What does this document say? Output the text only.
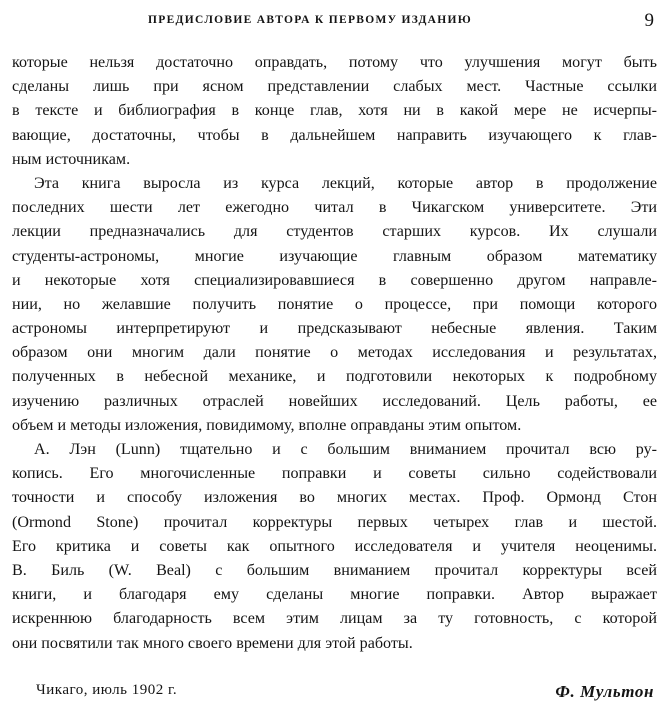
ПРЕДИСЛОВИЕ АВТОРА К ПЕРВОМУ ИЗДАНИЮ	9
которые нельзя достаточно оправдать, потому что улучшения могут быть
сделаны лишь при ясном представлении слабых мест. Частные ссылки
в тексте и библиография в конце глав, хотя ни в какой мере не исчерпы-
вающие, достаточны, чтобы в дальнейшем направить изучающего к глав-
ным источникам.
Эта книга выросла из курса лекций, которые автор в продолжение
последних шести лет ежегодно читал в Чикагском университете. Эти
лекции предназначались для студентов старших курсов. Их слушали
студенты-астрономы, многие изучающие главным образом математику
и некоторые хотя специализировавшиеся в совершенно другом направле-
нии, но желавшие получить понятие о процессе, при помощи которого
астрономы интерпретируют и предсказывают небесные явления. Таким
образом они многим дали понятие о методах исследования и результатах,
полученных в небесной механике, и подготовили некоторых к подробному
изучению различных отраслей новейших исследований. Цель работы, ее
объем и методы изложения, повидимому, вполне оправданы этим опытом.
А. Лэн (Lunn) тщательно и с большим вниманием прочитал всю ру-
копись. Его многочисленные поправки и советы сильно содействовали
точности и способу изложения во многих местах. Проф. Ормонд Стон
(Ormond Stone) прочитал корректуры первых четырех глав и шестой.
Его критика и советы как опытного исследователя и учителя неоценимы.
В. Биль (W. Beal) с большим вниманием прочитал корректуры всей
книги, и благодаря ему сделаны многие поправки. Автор выражает
искреннюю благодарность всем этим лицам за ту готовность, с которой
они посвятили так много своего времени для этой работы.
Чикаго, июль 1902 г.	Ф. Мультон
